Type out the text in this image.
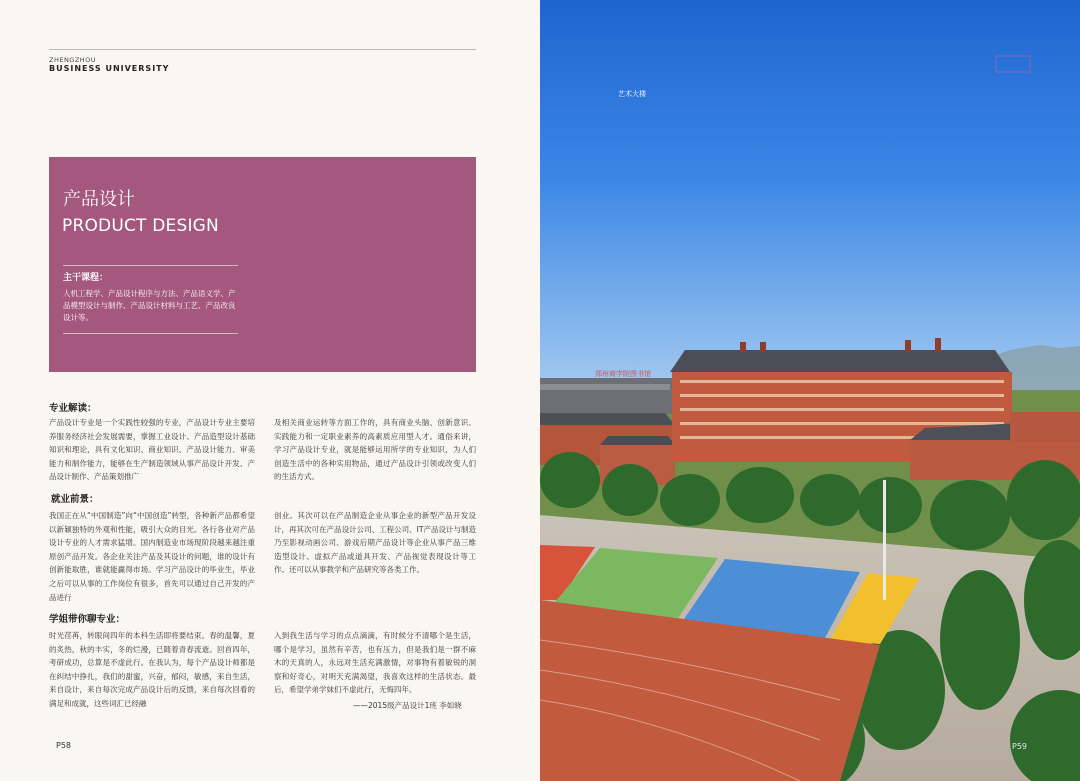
ZHENGZHOU
BUSINESS UNIVERSITY
产品设计
PRODUCT DESIGN
主干课程：
人机工程学、产品设计程序与方法、产品语义学、产品模型设计与制作、产品设计材料与工艺、产品改良设计等。
专业解读：

产品设计专业是一个实践性较强的专业，产品设计专业主要培养服务经济社会发展需要，掌握工业设计、产品造型设计基础知识和理论，具有文化知识、商业知识、产品设计能力、审美能力和制作能力，能够在生产制造领域从事产品设计开发、产品设计制作、产品策划推广

及相关商业运转等方面工作的，具有商业头脑、创新意识、实践能力和一定职业素养的高素质应用型人才。通俗来讲，学习产品设计专业，就是能够运用所学的专业知识，为人们创造生活中的各种实用物品，通过产品设计引领或改变人们的生活方式。

就业前景：

我国正在从“中国制造”向“中国创造”转型，各种新产品都希望以新颖独特的外观和性能，吸引大众的目光。各行各业对产品设计专业的人才需求猛增。国内制造业市场现阶段越来越注重原创产品开发。各企业关注产品及其设计的问题，谁的设计有创新能取胜，谁就能赢得市场。学习产品设计的毕业生，毕业之后可以从事的工作岗位有很多，首先可以通过自己开发的产品进行

创业。其次可以在产品制造企业从事企业的新型产品开发设计，再其次可在产品设计公司、工程公司、IT产品设计与制造乃至影视动画公司、游戏后期产品设计等企业从事产品三维造型设计、虚拟产品或道具开发、产品视觉表现设计等工作。还可以从事教学和产品研究等各类工作。

学姐带你聊专业：

时光荏苒，转眼间四年的本科生活即将要结束。春的温馨，夏的炙热，秋的丰实，冬的烂漫，已随着青春流逝。回首四年，考研成功，总算是不虚此行。在我认为，每个产品设计师都是在纠结中挣扎，我们的甜蜜，兴奋，郁闷，敏感，来自生活，来自设计，来自每次完成产品设计后的反馈，来自每次回看的满足和成就，这些词汇已经融

入到我生活与学习的点点滴滴，有时候分不清哪个是生活，哪个是学习，虽然有辛苦，也有压力，但是我们是一群不麻木的天真的人，永远对生活充满激情，对事物有着敏锐的洞察和好奇心，对明天充满渴望，我喜欢这样的生活状态。最后，希望学弟学妹们不虚此行，无悔四年。

——2015级产品设计1班 李如晓
P58
郑州商学院图书馆
艺术大楼
P59
